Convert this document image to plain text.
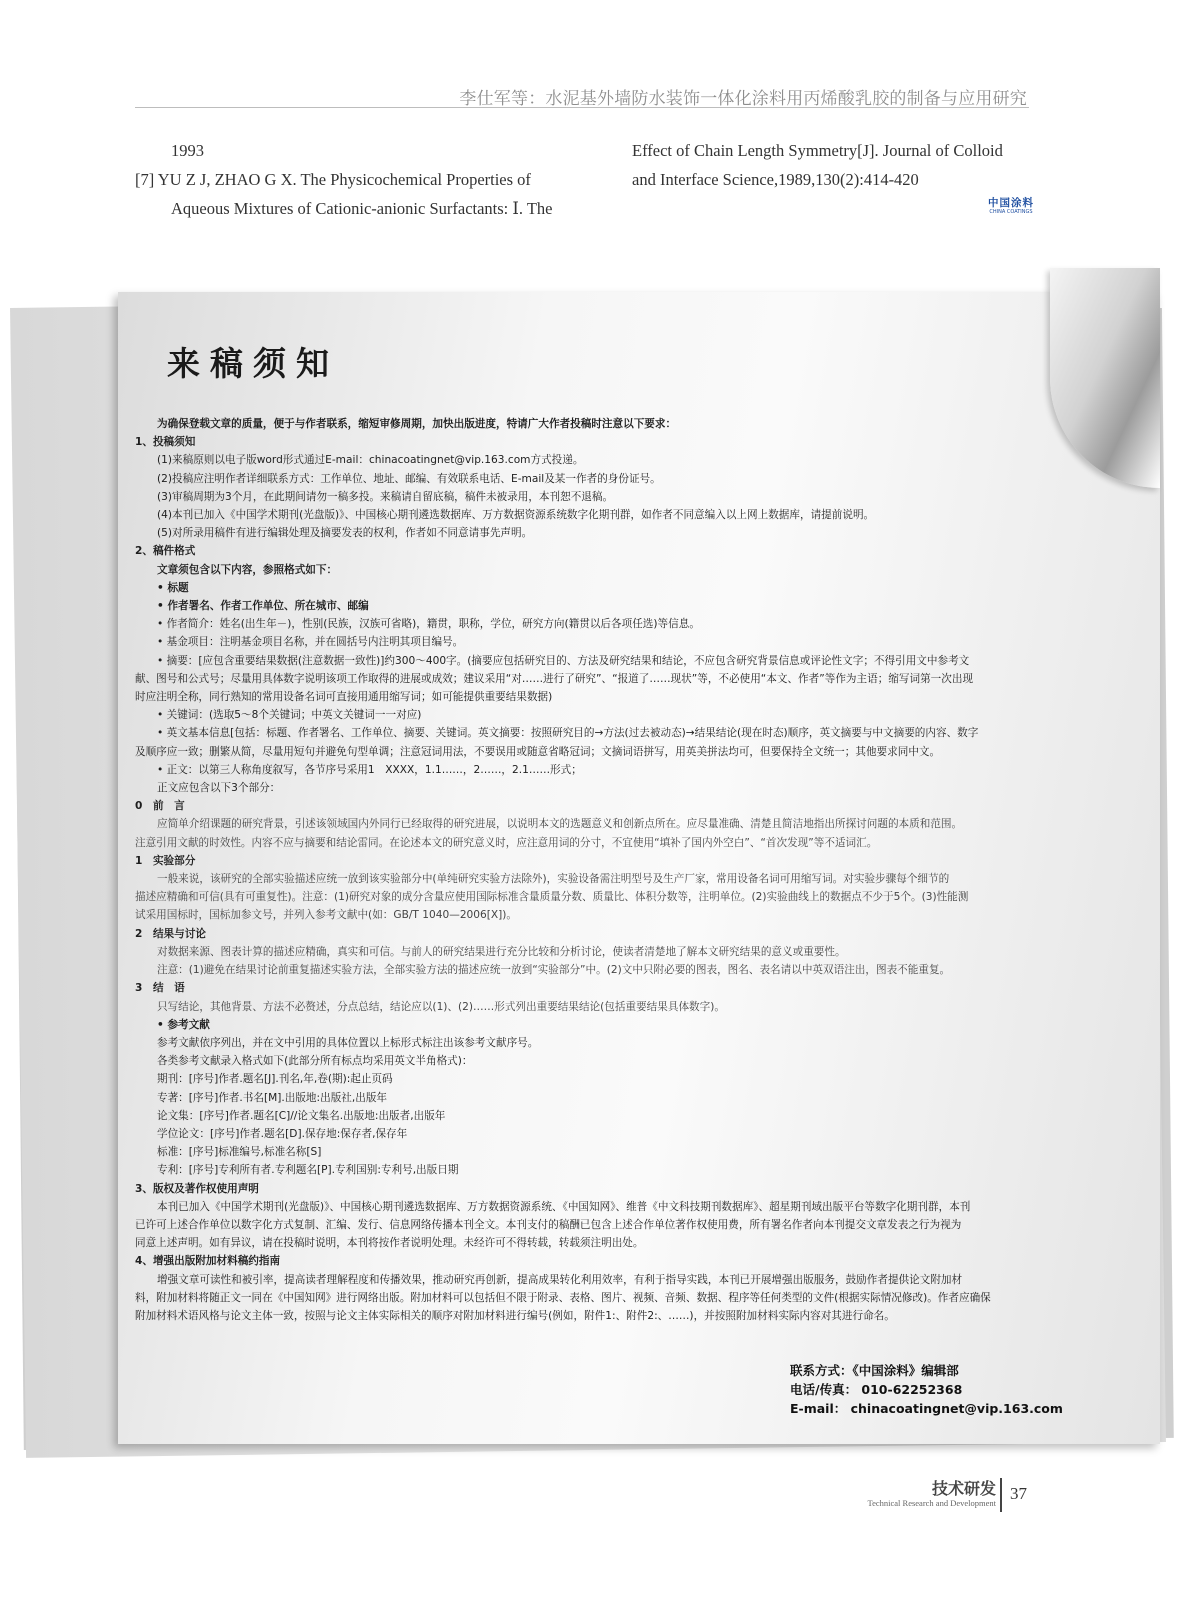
李仕军等：水泥基外墙防水装饰一体化涂料用丙烯酸乳胶的制备与应用研究
1993
[7] YU Z J, ZHAO G X. The Physicochemical Properties of
Aqueous Mixtures of Cationic-anionic Surfactants: Ⅰ. The
Effect of Chain Length Symmetry[J]. Journal of Colloid
and Interface Science,1989,130(2):414-420
中国涂料
CHINA COATINGS
来稿须知
为确保登载文章的质量，便于与作者联系，缩短审修周期，加快出版进度，特请广大作者投稿时注意以下要求：
1、投稿须知
(1)来稿原则以电子版word形式通过E-mail：chinacoatingnet@vip.163.com方式投递。
(2)投稿应注明作者详细联系方式：工作单位、地址、邮编、有效联系电话、E-mail及某一作者的身份证号。
(3)审稿周期为3个月，在此期间请勿一稿多投。来稿请自留底稿，稿件未被录用，本刊恕不退稿。
(4)本刊已加入《中国学术期刊(光盘版)》、中国核心期刊遴选数据库、万方数据资源系统数字化期刊群，如作者不同意编入以上网上数据库，请提前说明。
(5)对所录用稿件有进行编辑处理及摘要发表的权利，作者如不同意请事先声明。
2、稿件格式
文章须包含以下内容，参照格式如下：
• 标题
• 作者署名、作者工作单位、所在城市、邮编
• 作者简介：姓名(出生年－)，性别(民族，汉族可省略)，籍贯，职称，学位，研究方向(籍贯以后各项任选)等信息。
• 基金项目：注明基金项目名称，并在圆括号内注明其项目编号。
• 摘要：[应包含重要结果数据(注意数据一致性)]约300～400字。(摘要应包括研究目的、方法及研究结果和结论，不应包含研究背景信息或评论性文字；不得引用文中参考文
献、图号和公式号；尽量用具体数字说明该项工作取得的进展或成效；建议采用“对……进行了研究”、“报道了……现状”等，不必使用“本文、作者”等作为主语；缩写词第一次出现
时应注明全称，同行熟知的常用设备名词可直接用通用缩写词；如可能提供重要结果数据)
• 关键词：(选取5～8个关键词；中英文关键词一一对应)
• 英文基本信息[包括：标题、作者署名、工作单位、摘要、关键词。英文摘要：按照研究目的→方法(过去被动态)→结果结论(现在时态)顺序，英文摘要与中文摘要的内容、数字
及顺序应一致；删繁从简，尽量用短句并避免句型单调；注意冠词用法，不要误用或随意省略冠词；文摘词语拼写，用英美拼法均可，但要保持全文统一；其他要求同中文。
• 正文：以第三人称角度叙写，各节序号采用1　XXXX，1.1……，2……，2.1……形式；
正文应包含以下3个部分：
0　前　言
应简单介绍课题的研究背景，引述该领域国内外同行已经取得的研究进展，以说明本文的选题意义和创新点所在。应尽量准确、清楚且简洁地指出所探讨问题的本质和范围。
注意引用文献的时效性。内容不应与摘要和结论雷同。在论述本文的研究意义时，应注意用词的分寸，不宜使用“填补了国内外空白”、“首次发现”等不适词汇。
1　实验部分
一般来说，该研究的全部实验描述应统一放到该实验部分中(单纯研究实验方法除外)，实验设备需注明型号及生产厂家，常用设备名词可用缩写词。对实验步骤每个细节的
描述应精确和可信(具有可重复性)。注意：(1)研究对象的成分含量应使用国际标准含量质量分数、质量比、体积分数等，注明单位。(2)实验曲线上的数据点不少于5个。(3)性能测
试采用国标时，国标加参文号，并列入参考文献中(如：GB/T 1040—2006[X])。
2　结果与讨论
对数据来源、图表计算的描述应精确，真实和可信。与前人的研究结果进行充分比较和分析讨论，使读者清楚地了解本文研究结果的意义或重要性。
注意：(1)避免在结果讨论前重复描述实验方法，全部实验方法的描述应统一放到“实验部分”中。(2)文中只附必要的图表，图名、表名请以中英双语注出，图表不能重复。
3　结　语
只写结论，其他背景、方法不必赘述，分点总结，结论应以(1)、(2)……形式列出重要结果结论(包括重要结果具体数字)。
• 参考文献
参考文献依序列出，并在文中引用的具体位置以上标形式标注出该参考文献序号。
各类参考文献录入格式如下(此部分所有标点均采用英文半角格式)：
期刊：[序号]作者.题名[J].刊名,年,卷(期):起止页码
专著：[序号]作者.书名[M].出版地:出版社,出版年
论文集：[序号]作者.题名[C]//论文集名.出版地:出版者,出版年
学位论文：[序号]作者.题名[D].保存地:保存者,保存年
标准：[序号]标准编号,标准名称[S]
专利：[序号]专利所有者.专利题名[P].专利国别:专利号,出版日期
3、版权及著作权使用声明
本刊已加入《中国学术期刊(光盘版)》、中国核心期刊遴选数据库、万方数据资源系统、《中国知网》、维普《中文科技期刊数据库》、超星期刊域出版平台等数字化期刊群，本刊
已许可上述合作单位以数字化方式复制、汇编、发行、信息网络传播本刊全文。本刊支付的稿酬已包含上述合作单位著作权使用费，所有署名作者向本刊提交文章发表之行为视为
同意上述声明。如有异议，请在投稿时说明，本刊将按作者说明处理。未经许可不得转载，转载须注明出处。
4、增强出版附加材料稿约指南
增强文章可读性和被引率，提高读者理解程度和传播效果，推动研究再创新，提高成果转化利用效率，有利于指导实践，本刊已开展增强出版服务，鼓励作者提供论文附加材
料，附加材料将随正文一同在《中国知网》进行网络出版。附加材料可以包括但不限于附录、表格、图片、视频、音频、数据、程序等任何类型的文件(根据实际情况修改)。作者应确保
附加材料术语风格与论文主体一致，按照与论文主体实际相关的顺序对附加材料进行编号(例如，附件1:、附件2:、……)，并按照附加材料实际内容对其进行命名。
联系方式：《中国涂料》编辑部
电话/传真： 010-62252368
E-mail： chinacoatingnet@vip.163.com
技术研发
Technical Research and Development 37
